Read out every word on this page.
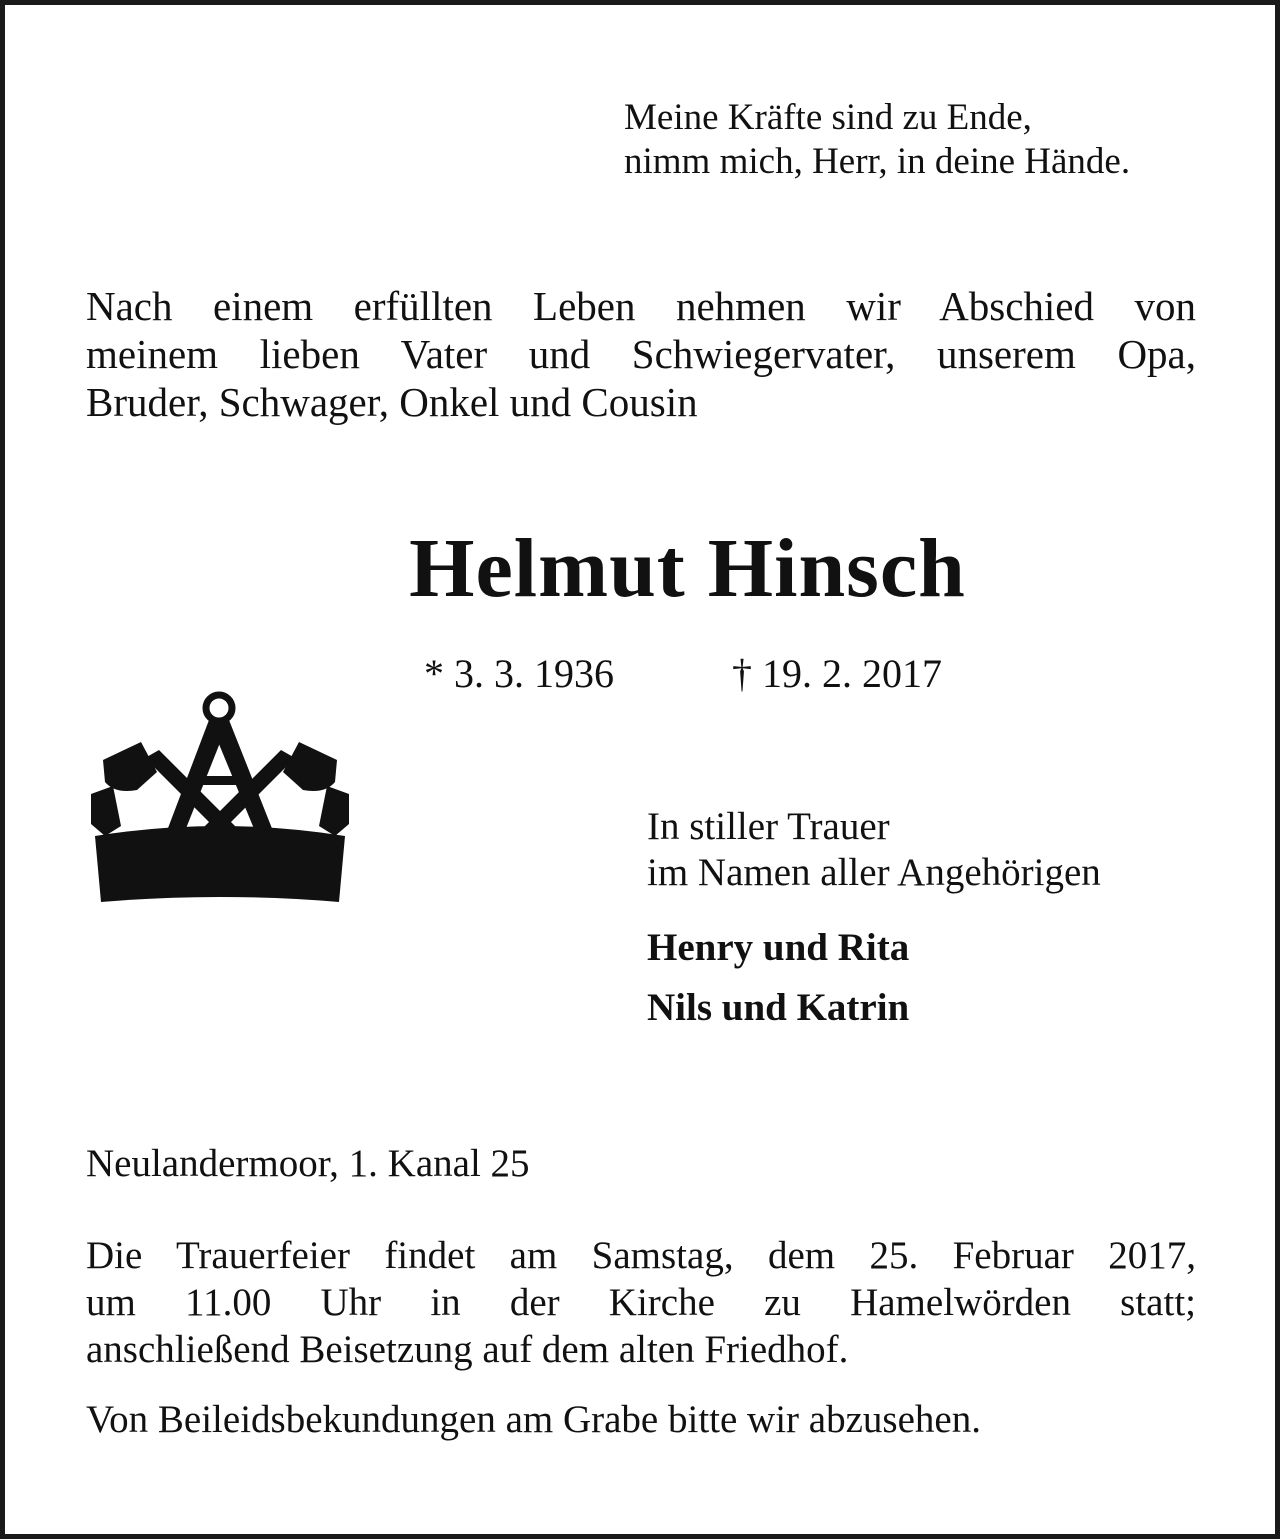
Meine Kräfte sind zu Ende,
nimm mich, Herr, in deine Hände.
Nach einem erfüllten Leben nehmen wir Abschied von
meinem lieben Vater und Schwiegervater, unserem Opa,
Bruder, Schwager, Onkel und Cousin
Helmut Hinsch
* 3. 3. 1936	† 19. 2. 2017
In stiller Trauer
im Namen aller Angehörigen
Henry und Rita
Nils und Katrin
Neulandermoor, 1. Kanal 25
Die Trauerfeier findet am Samstag, dem 25. Februar 2017,
um 11.00 Uhr in der Kirche zu Hamelwörden statt;
anschließend Beisetzung auf dem alten Friedhof.
Von Beileidsbekundungen am Grabe bitte wir abzusehen.
